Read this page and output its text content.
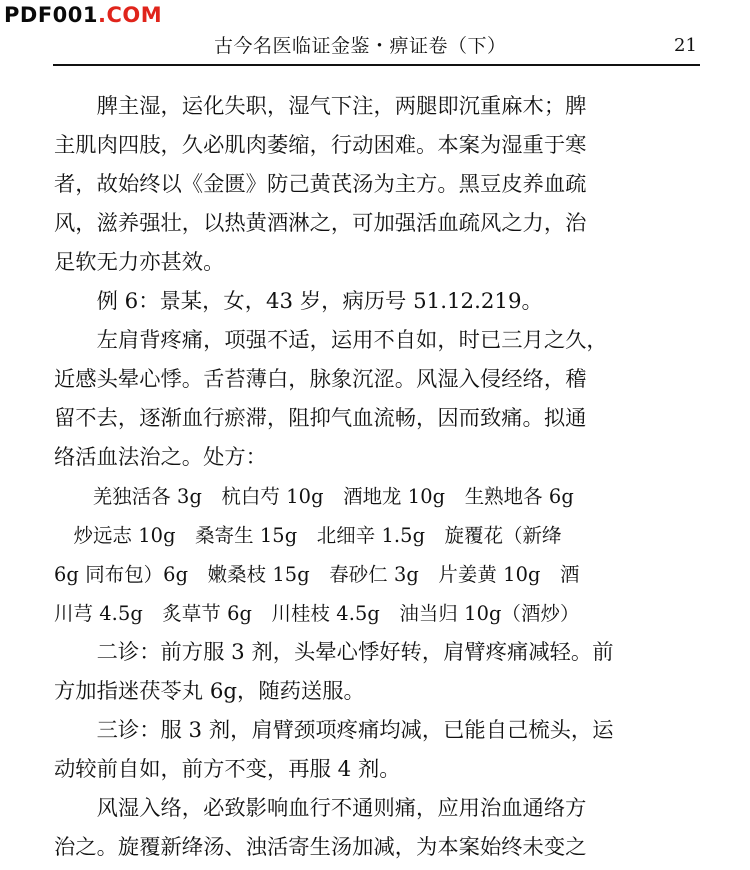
PDF001.COM
古今名医临证金鉴・痹证卷（下）	21
脾主湿，运化失职，湿气下注，两腿即沉重麻木；脾
主肌肉四肢，久必肌肉萎缩，行动困难。本案为湿重于寒
者，故始终以《金匮》防己黄芪汤为主方。黑豆皮养血疏
风，滋养强壮，以热黄酒淋之，可加强活血疏风之力，治
足软无力亦甚效。
例 6：景某，女，43 岁，病历号 51.12.219。
左肩背疼痛，项强不适，运用不自如，时已三月之久，
近感头晕心悸。舌苔薄白，脉象沉涩。风湿入侵经络，稽
留不去，逐渐血行瘀滞，阻抑气血流畅，因而致痛。拟通
络活血法治之。处方：
羌独活各 3g　杭白芍 10g　酒地龙 10g　生熟地各 6g
　炒远志 10g　桑寄生 15g　北细辛 1.5g　旋覆花（新绛
6g 同布包）6g　嫩桑枝 15g　春砂仁 3g　片姜黄 10g　酒
川芎 4.5g　炙草节 6g　川桂枝 4.5g　油当归 10g（酒炒）
二诊：前方服 3 剂，头晕心悸好转，肩臂疼痛减轻。前
方加指迷茯苓丸 6g，随药送服。
三诊：服 3 剂，肩臂颈项疼痛均减，已能自己梳头，运
动较前自如，前方不变，再服 4 剂。
风湿入络，必致影响血行不通则痛，应用治血通络方
治之。旋覆新绛汤、浊活寄生汤加减，为本案始终未变之
